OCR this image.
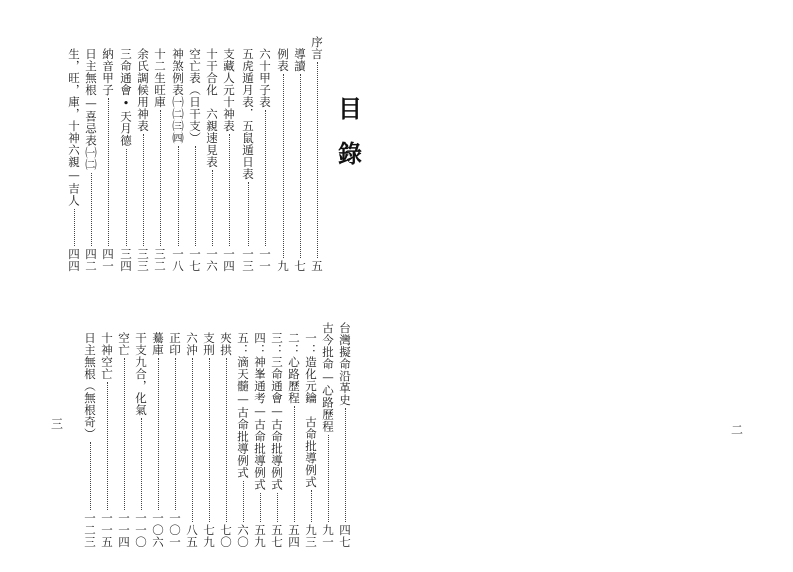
目
錄
序言
五
導讀
七
例表
九
六十甲子表
一一
五虎遁月表．五鼠遁日表
一三
支藏人元十神表
一四
十干合化　六親速見表
一六
空亡表（日干支）
一七
神煞例表㈠㈡㈢㈣
一八
十二生旺庫
三二
余氏調候用神表
三三
三命通會•天月德
三四
納音甲子
四一
日主無根—喜忌表㈠㈡
四二
生，旺，庫，十神六親—吉人
四四
台灣擬命沿革史
四七
古今批命—心路歷程
九一
一：造化元鑰　古命批導例式
九三
二：心路歷程
五四
三：三命通會—古命批導例式
五七
四：神峯通考—古命批導例式
五九
五：滴天髓—古命批導例式
六〇
夾拱
七〇
支刑
七九
六沖
八五
正印
一〇一
驀庫
一〇六
干支九合，化氣
一一〇
空亡
一一四
十神空亡
一一五
日主無根（無根奇）
一二三
三	二
